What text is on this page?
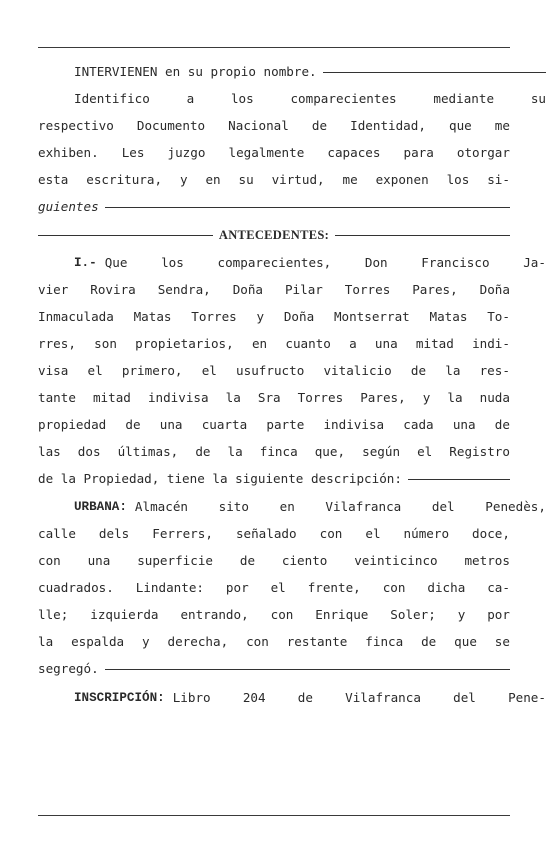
INTERVIENEN en su propio nombre.
Identifico	a	los	comparecientes	mediante	su
respectivo Documento Nacional de Identidad, que me
exhiben. Les juzgo legalmente capaces para otorgar
esta escritura, y en su virtud, me exponen los si-
guientes
ANTECEDENTES:
I.- Que	los	comparecientes,	Don	Francisco	Ja-
vier Rovira Sendra, Doña Pilar Torres Pares, Doña
Inmaculada Matas Torres y Doña Montserrat Matas To-
rres, son propietarios, en cuanto a una mitad indi-
visa el primero, el usufructo vitalicio de la res-
tante mitad indivisa la Sra Torres Pares, y la nuda
propiedad de una cuarta parte indivisa cada una de
las dos últimas, de la finca que, según el Registro
de la Propiedad, tiene la siguiente descripción:
URBANA: Almacén sito en Vilafranca del Penedès,
calle dels Ferrers, señalado con el número doce,
con una superficie de ciento veinticinco metros
cuadrados. Lindante: por el frente, con dicha ca-
lle; izquierda entrando, con Enrique Soler; y por
la espalda y derecha, con restante finca de que se
segregó.
INSCRIPCIÓN: Libro	204	de	Vilafranca	del	Pene-
